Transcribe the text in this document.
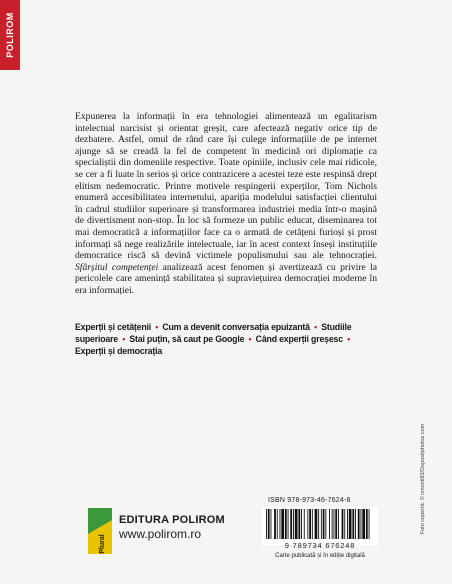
POLIROM

Expunerea la informații în era tehnologiei alimentează un egalitarism intelectual narcisist și orientat greșit, care afectează negativ orice tip de dezbatere. Astfel, omul de rând care își culege informațiile de pe internet ajunge să se creadă la fel de competent în medicină ori diplomație ca specialiștii din domeniile respective. Toate opiniile, inclusiv cele mai ridicole, se cer a fi luate în serios și orice contrazicere a acestei teze este respinsă drept elitism nedemocratic. Printre motivele respingerii experților, Tom Nichols enumeră accesibilitatea internetului, apariția modelului satisfacției clientului în cadrul studiilor superioare și transformarea industriei media într-o mașină de divertisment non-stop. În loc să formeze un public educat, diseminarea tot mai democratică a informațiilor face ca o armată de cetățeni furioși și prost informați să nege realizările intelectuale, iar în acest context înseși instituțiile democratice riscă să devină victimele populismului sau ale tehnocrației. Sfârșitul competenței analizează acest fenomen și avertizează cu privire la pericolele care amenință stabilitatea și supraviețuirea democrației moderne în era informației.

Experții și cetățenii • Cum a devenit conversația epuizantă • Studiile superioare • Stai puțin, să caut pe Google • Când experții greșesc • Experții și democrația
Foto copertă: © cmonti83/Depositphotos.com
Plural
EDITURA POLIROM
www.polirom.ro
ISBN 978-973-46-7624-8
9 789734 676248
Carte publicată și în ediție digitală
